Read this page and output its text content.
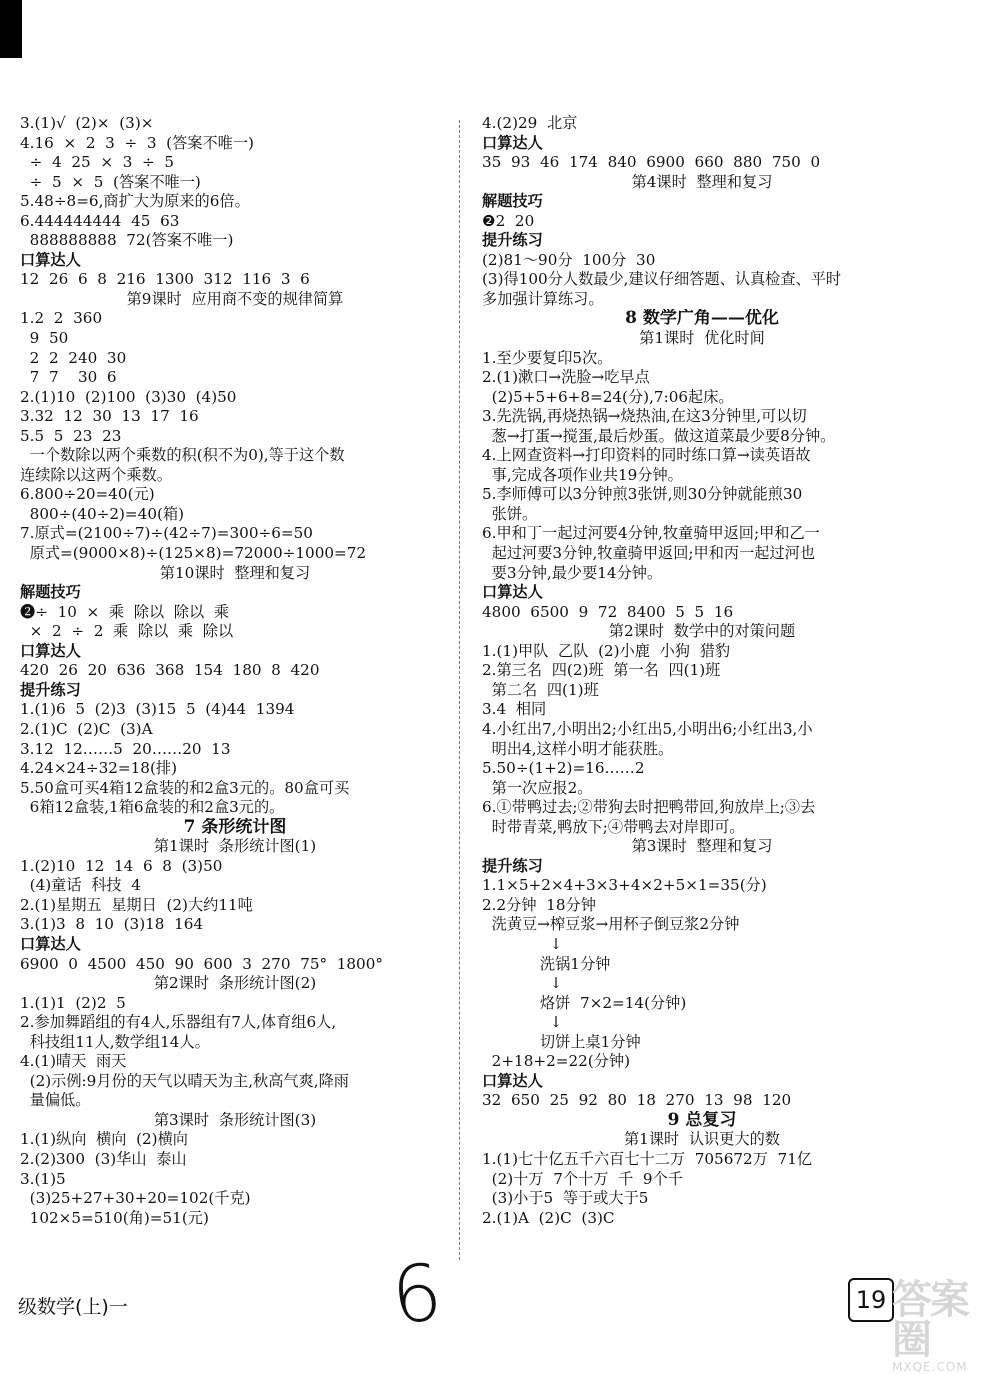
3.(1)√  (2)×  (3)×
4.16  ×  2  3  ÷  3  (答案不唯一)
÷  4  25  ×  3  ÷  5
÷  5  ×  5  (答案不唯一)
5.48÷8=6,商扩大为原来的6倍。
6.444444444  45  63
888888888  72(答案不唯一)
口算达人
12  26  6  8  216  1300  312  116  3  6
第9课时  应用商不变的规律简算
1.2  2  360
9  50
2  2  240  30
7  7    30  6
2.(1)10  (2)100  (3)30  (4)50
3.32  12  30  13  17  16
5.5  5  23  23
一个数除以两个乘数的积(积不为0),等于这个数
连续除以这两个乘数。
6.800÷20=40(元)
800÷(40÷2)=40(箱)
7.原式=(2100÷7)÷(42÷7)=300÷6=50
原式=(9000×8)÷(125×8)=72000÷1000=72
第10课时  整理和复习
解题技巧
❷÷  10  ×  乘  除以  除以  乘
×  2  ÷  2  乘  除以  乘  除以
口算达人
420  26  20  636  368  154  180  8  420
提升练习
1.(1)6  5  (2)3  (3)15  5  (4)44  1394
2.(1)C  (2)C  (3)A
3.12  12……5  20……20  13
4.24×24÷32=18(排)
5.50盒可买4箱12盒装的和2盒3元的。80盒可买
6箱12盒装,1箱6盒装的和2盒3元的。
7 条形统计图
第1课时  条形统计图(1)
1.(2)10  12  14  6  8  (3)50
(4)童话  科技  4
2.(1)星期五  星期日  (2)大约11吨
3.(1)3  8  10  (3)18  164
口算达人
6900  0  4500  450  90  600  3  270  75°  1800°
第2课时  条形统计图(2)
1.(1)1  (2)2  5
2.参加舞蹈组的有4人,乐器组有7人,体育组6人,
科技组11人,数学组14人。
4.(1)晴天  雨天
(2)示例:9月份的天气以晴天为主,秋高气爽,降雨
量偏低。
第3课时  条形统计图(3)
1.(1)纵向  横向  (2)横向
2.(2)300  (3)华山  泰山
3.(1)5
(3)25+27+30+20=102(千克)
102×5=510(角)=51(元)
4.(2)29  北京
口算达人
35  93  46  174  840  6900  660  880  750  0
第4课时  整理和复习
解题技巧
❷2  20
提升练习
(2)81～90分  100分  30
(3)得100分人数最少,建议仔细答题、认真检查、平时
多加强计算练习。
8 数学广角——优化
第1课时  优化时间
1.至少要复印5次。
2.(1)漱口→洗脸→吃早点
(2)5+5+6+8=24(分),7:06起床。
3.先洗锅,再烧热锅→烧热油,在这3分钟里,可以切
葱→打蛋→搅蛋,最后炒蛋。做这道菜最少要8分钟。
4.上网查资料→打印资料的同时练口算→读英语故
事,完成各项作业共19分钟。
5.李师傅可以3分钟煎3张饼,则30分钟就能煎30
张饼。
6.甲和丁一起过河要4分钟,牧童骑甲返回;甲和乙一
起过河要3分钟,牧童骑甲返回;甲和丙一起过河也
要3分钟,最少要14分钟。
口算达人
4800  6500  9  72  8400  5  5  16
第2课时  数学中的对策问题
1.(1)甲队  乙队  (2)小鹿  小狗  猎豹
2.第三名  四(2)班  第一名  四(1)班
第二名  四(1)班
3.4  相同
4.小红出7,小明出2;小红出5,小明出6;小红出3,小
明出4,这样小明才能获胜。
5.50÷(1+2)=16……2
第一次应报2。
6.①带鸭过去;②带狗去时把鸭带回,狗放岸上;③去
时带青菜,鸭放下;④带鸭去对岸即可。
第3课时  整理和复习
提升练习
1.1×5+2×4+3×3+4×2+5×1=35(分)
2.2分钟  18分钟
洗黄豆→榨豆浆→用杯子倒豆浆2分钟
↓
洗锅1分钟
↓
烙饼  7×2=14(分钟)
↓
切饼上桌1分钟
2+18+2=22(分钟)
口算达人
32  650  25  92  80  18  270  13  98  120
9 总复习
第1课时  认识更大的数
1.(1)七十亿五千六百七十二万  705672万  71亿
(2)十万  7个十万  千  9个千
(3)小于5  等于或大于5
2.(1)A  (2)C  (3)C
级数学(上)一	6	19 答案圈
MXQE.COM
